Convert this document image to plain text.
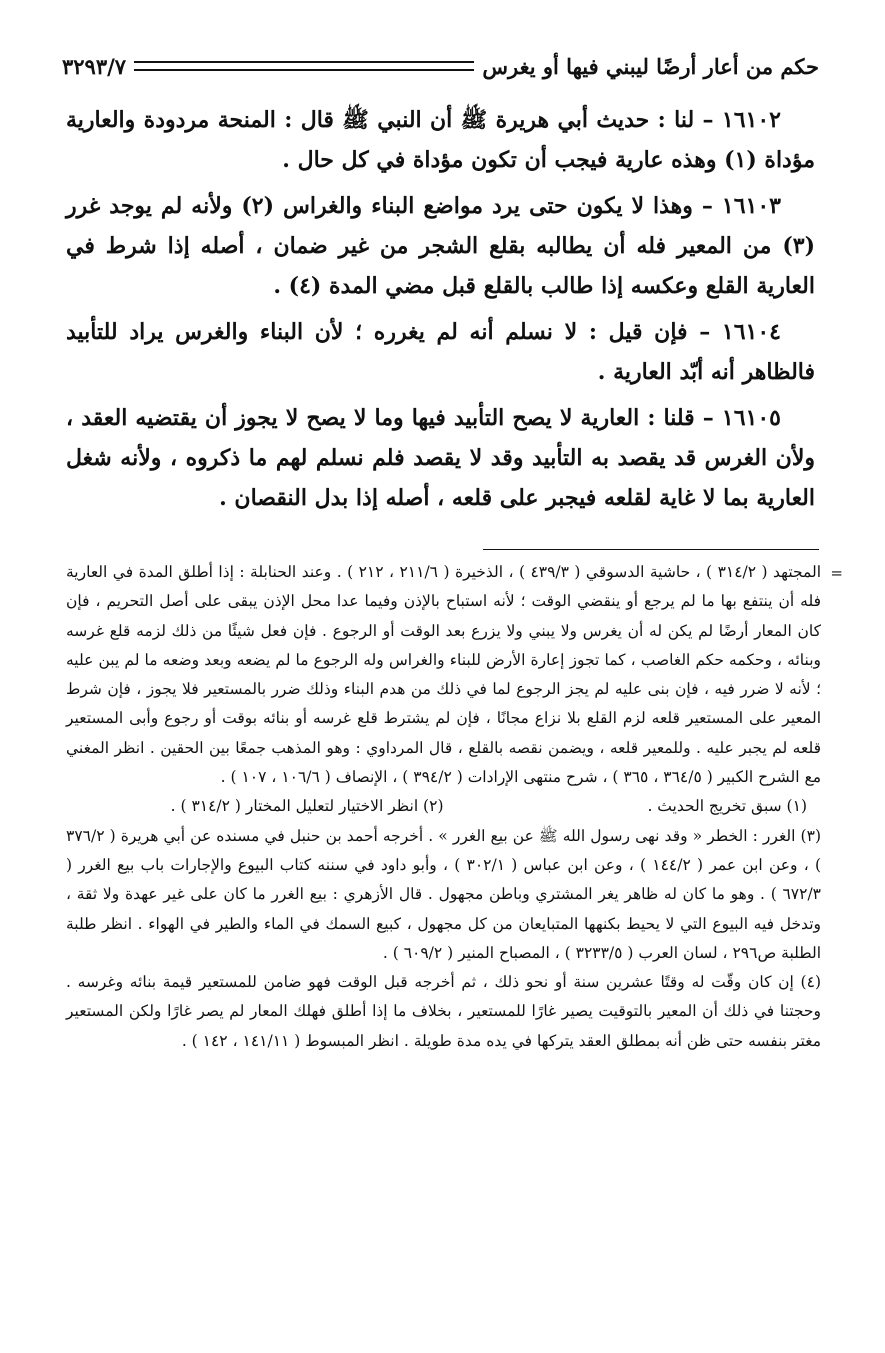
حكم من أعار أرضًا ليبني فيها أو يغرس
٣٢٩٣/٧

١٦١٠٢ – لنا : حديث أبي هريرة ﷺ أن النبي ﷺ قال : المنحة مردودة والعارية مؤداة (١) وهذه عارية فيجب أن تكون مؤداة في كل حال .

١٦١٠٣ – وهذا لا يكون حتى يرد مواضع البناء والغراس (٢) ولأنه لم يوجد غرر (٣) من المعير فله أن يطالبه بقلع الشجر من غير ضمان ، أصله إذا شرط في العارية القلع وعكسه إذا طالب بالقلع قبل مضي المدة (٤) .

١٦١٠٤ – فإن قيل : لا نسلم أنه لم يغرره ؛ لأن البناء والغرس يراد للتأبيد فالظاهر أنه أبّد العارية .

١٦١٠٥ – قلنا : العارية لا يصح التأبيد فيها وما لا يصح لا يجوز أن يقتضيه العقد ، ولأن الغرس قد يقصد به التأبيد وقد لا يقصد فلم نسلم لهم ما ذكروه ، ولأنه شغل العارية بما لا غاية لقلعه فيجبر على قلعه ، أصله إذا بدل النقصان .

=

المجتهد ( ٣١٤/٢ ) ، حاشية الدسوقي ( ٤٣٩/٣ ) ، الذخيرة ( ٢١١/٦ ، ٢١٢ ) . وعند الحنابلة : إذا أطلق المدة في العارية فله أن ينتفع بها ما لم يرجع أو ينقضي الوقت ؛ لأنه استباح بالإذن وفيما عدا محل الإذن يبقى على أصل التحريم ، فإن كان المعار أرضًا لم يكن له أن يغرس ولا يبني ولا يزرع بعد الوقت أو الرجوع . فإن فعل شيئًا من ذلك لزمه قلع غرسه وبنائه ، وحكمه حكم الغاصب ، كما تجوز إعارة الأرض للبناء والغراس وله الرجوع ما لم يضعه وبعد وضعه ما لم يبن عليه ؛ لأنه لا ضرر فيه ، فإن بنى عليه لم يجز الرجوع لما في ذلك من هدم البناء وذلك ضرر بالمستعير فلا يجوز ، فإن شرط المعير على المستعير قلعه لزم القلع بلا نزاع مجانًا ، فإن لم يشترط قلع غرسه أو بنائه بوقت أو رجوع وأبى المستعير قلعه لم يجبر عليه . وللمعير قلعه ، ويضمن نقصه بالقلع ، قال المرداوي : وهو المذهب جمعًا بين الحقين . انظر المغني مع الشرح الكبير ( ٣٦٤/٥ ، ٣٦٥ ) ، شرح منتهى الإرادات ( ٣٩٤/٢ ) ، الإنصاف ( ١٠٦/٦ ، ١٠٧ ) .

(١) سبق تخريج الحديث .
(٢) انظر الاختيار لتعليل المختار ( ٣١٤/٢ ) .

(٣) الغرر : الخطر « وقد نهى رسول الله ﷺ عن بيع الغرر » . أخرجه أحمد بن حنبل في مسنده عن أبي هريرة ( ٣٧٦/٢ ) ، وعن ابن عمر ( ١٤٤/٢ ) ، وعن ابن عباس ( ٣٠٢/١ ) ، وأبو داود في سننه كتاب البيوع والإجارات باب بيع الغرر ( ٦٧٢/٣ ) . وهو ما كان له ظاهر يغر المشتري وباطن مجهول . قال الأزهري : بيع الغرر ما كان على غير عهدة ولا ثقة ، وتدخل فيه البيوع التي لا يحيط بكنهها المتبايعان من كل مجهول ، كبيع السمك في الماء والطير في الهواء . انظر طلبة الطلبة ص٢٩٦ ، لسان العرب ( ٣٢٣٣/٥ ) ، المصباح المنير ( ٦٠٩/٢ ) .

(٤) إن كان وقّت له وقتًا عشرين سنة أو نحو ذلك ، ثم أخرجه قبل الوقت فهو ضامن للمستعير قيمة بنائه وغرسه . وحجتنا في ذلك أن المعير بالتوقيت يصير غارًا للمستعير ، بخلاف ما إذا أطلق فهلك المعار لم يصر غارًا ولكن المستعير مغتر بنفسه حتى ظن أنه بمطلق العقد يتركها في يده مدة طويلة . انظر المبسوط ( ١٤١/١١ ، ١٤٢ ) .
